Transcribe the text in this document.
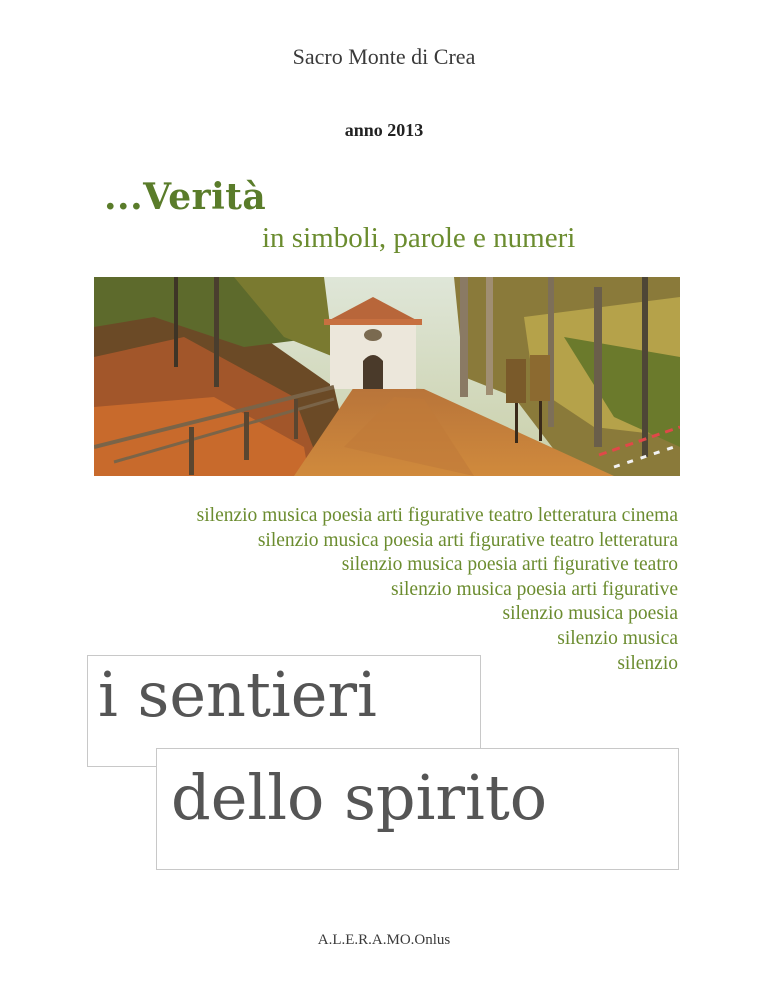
Sacro Monte di Crea
anno 2013
...Verità
in simboli, parole e numeri
silenzio musica poesia arti figurative teatro letteratura cinema
silenzio musica poesia arti figurative teatro letteratura
silenzio musica poesia arti figurative teatro
silenzio musica poesia arti figurative
silenzio musica poesia
silenzio musica
silenzio
i sentieri
dello spirito
A.L.E.R.A.MO.Onlus
